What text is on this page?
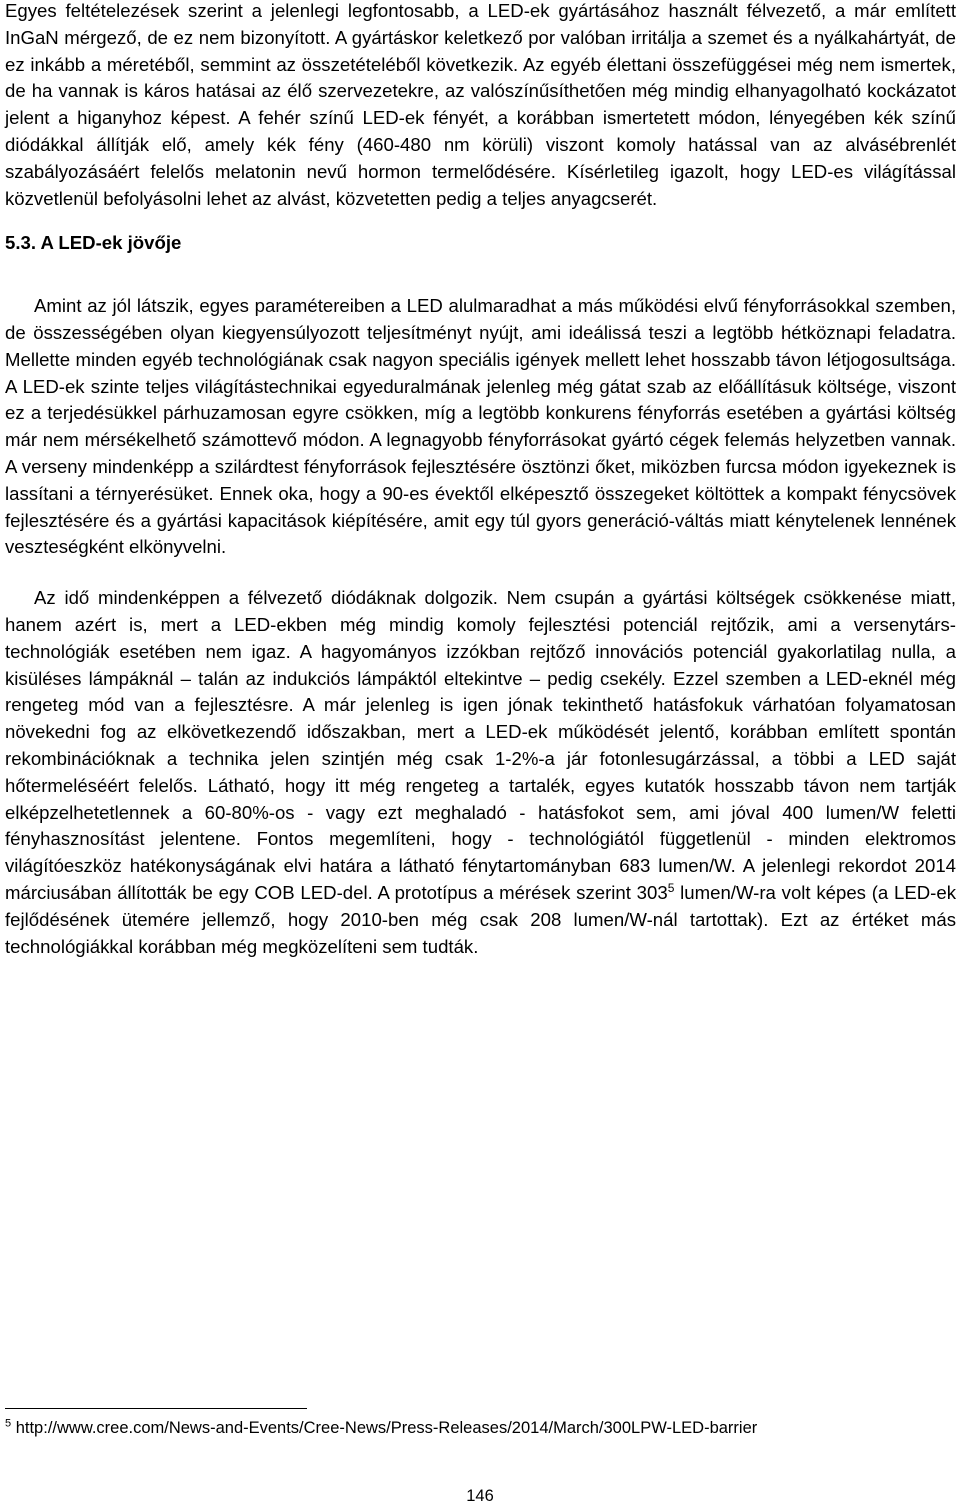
Egyes feltételezések szerint a jelenlegi legfontosabb, a LED-ek gyártásához használt félvezető, a már említett InGaN mérgező, de ez nem bizonyított. A gyártáskor keletkező por valóban irritálja a szemet és a nyálkahártyát, de ez inkább a méretéből, semmint az összetételéből következik. Az egyéb élettani összefüggései még nem ismertek, de ha vannak is káros hatásai az élő szervezetekre, az valószínűsíthetően még mindig elhanyagolható kockázatot jelent a higanyhoz képest. A fehér színű LED-ek fényét, a korábban ismertetett módon, lényegében kék színű diódákkal állítják elő, amely kék fény (460-480 nm körüli) viszont komoly hatással van az alvásébrenlét szabályozásáért felelős melatonin nevű hormon termelődésére. Kísérletileg igazolt, hogy LED-es világítással közvetlenül befolyásolni lehet az alvást, közvetetten pedig a teljes anyagcserét.

5.3. A LED-ek jövője

Amint az jól látszik, egyes paramétereiben a LED alulmaradhat a más működési elvű fényforrásokkal szemben, de összességében olyan kiegyensúlyozott teljesítményt nyújt, ami ideálissá teszi a legtöbb hétköznapi feladatra. Mellette minden egyéb technológiának csak nagyon speciális igények mellett lehet hosszabb távon létjogosultsága. A LED-ek szinte teljes világítástechnikai egyeduralmának jelenleg még gátat szab az előállításuk költsége, viszont ez a terjedésükkel párhuzamosan egyre csökken, míg a legtöbb konkurens fényforrás esetében a gyártási költség már nem mérsékelhető számottevő módon. A legnagyobb fényforrásokat gyártó cégek felemás helyzetben vannak. A verseny mindenképp a szilárdtest fényforrások fejlesztésére ösztönzi őket, miközben furcsa módon igyekeznek is lassítani a térnyerésüket. Ennek oka, hogy a 90-es évektől elképesztő összegeket költöttek a kompakt fénycsövek fejlesztésére és a gyártási kapacitások kiépítésére, amit egy túl gyors generáció-váltás miatt kénytelenek lennének veszteségként elkönyvelni.

Az idő mindenképpen a félvezető diódáknak dolgozik. Nem csupán a gyártási költségek csökkenése miatt, hanem azért is, mert a LED-ekben még mindig komoly fejlesztési potenciál rejtőzik, ami a versenytárs- technológiák esetében nem igaz. A hagyományos izzókban rejtőző innovációs potenciál gyakorlatilag nulla, a kisüléses lámpáknál – talán az indukciós lámpáktól eltekintve – pedig csekély. Ezzel szemben a LED-eknél még rengeteg mód van a fejlesztésre. A már jelenleg is igen jónak tekinthető hatásfokuk várhatóan folyamatosan növekedni fog az elkövetkezendő időszakban, mert a LED-ek működését jelentő, korábban említett spontán rekombinációknak a technika jelen szintjén még csak 1-2%-a jár fotonlesugárzással, a többi a LED saját hőtermeléséért felelős. Látható, hogy itt még rengeteg a tartalék, egyes kutatók hosszabb távon nem tartják elképzelhetetlennek a 60-80%-os - vagy ezt meghaladó - hatásfokot sem, ami jóval 400 lumen/W feletti fényhasznosítást jelentene. Fontos megemlíteni, hogy - technológiától függetlenül - minden elektromos világítóeszköz hatékonyságának elvi határa a látható fénytartományban 683 lumen/W. A jelenlegi rekordot 2014 márciusában állították be egy COB LED-del. A prototípus a mérések szerint 303$^5$ lumen/W-ra volt képes (a LED-ek fejlődésének ütemére jellemző, hogy 2010-ben még csak 208 lumen/W-nál tartottak). Ezt az értéket más technológiákkal korábban még megközelíteni sem tudták.

$^5$ http://www.cree.com/News-and-Events/Cree-News/Press-Releases/2014/March/300LPW-LED-barrier
146
